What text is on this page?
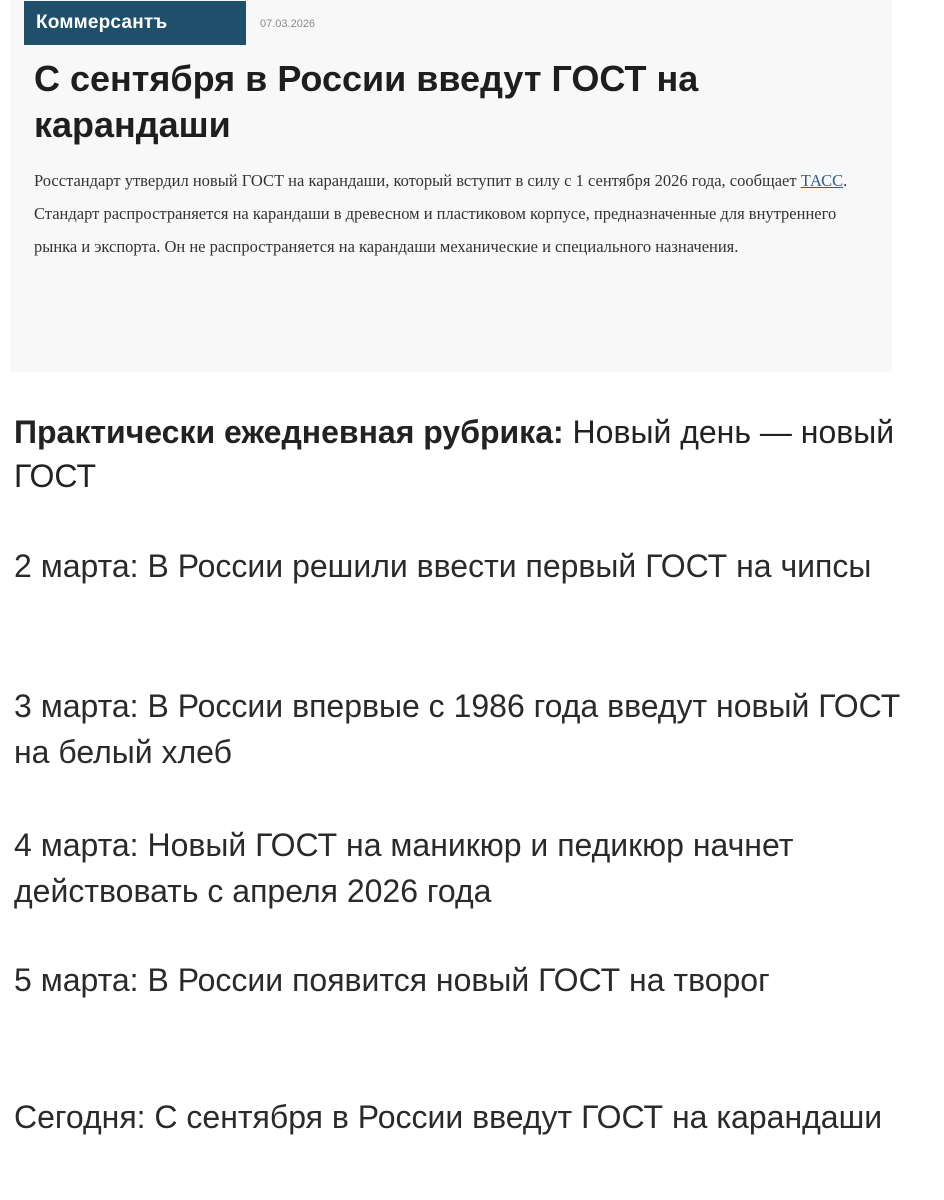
Коммерсантъ	07.03.2026
С сентября в России введут ГОСТ на карандаши

Росстандарт утвердил новый ГОСТ на карандаши, который вступит в силу с 1 сентября 2026 года, сообщает ТАСС. Стандарт распространяется на карандаши в древесном и пластиковом корпусе, предназначенные для внутреннего рынка и экспорта. Он не распространяется на карандаши механические и специального назначения.

Практически ежедневная рубрика: Новый день — новый ГОСТ

2 марта: В России решили ввести первый ГОСТ на чипсы

3 марта: В России впервые с 1986 года введут новый ГОСТ на белый хлеб

4 марта: Новый ГОСТ на маникюр и педикюр начнет действовать с апреля 2026 года

5 марта: В России появится новый ГОСТ на творог

Сегодня: С сентября в России введут ГОСТ на карандаши
